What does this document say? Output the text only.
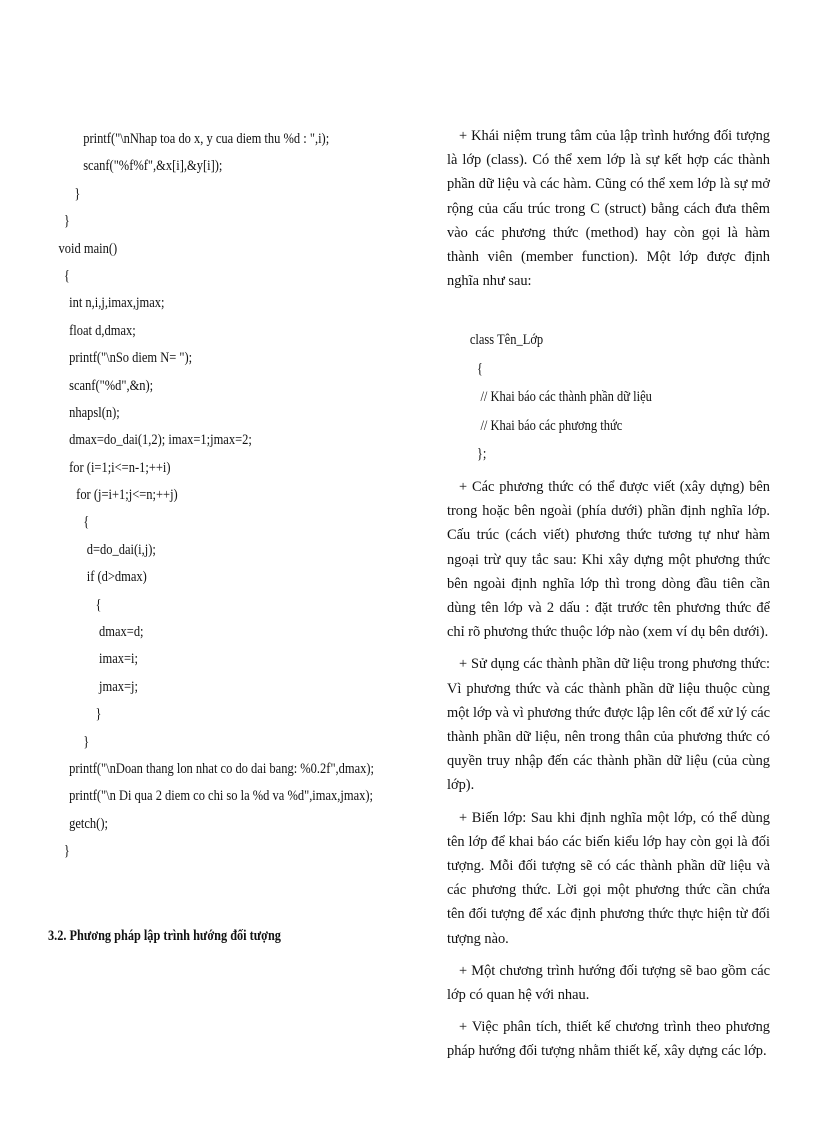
printf("\nNhap toa do x, y cua diem thu %d : ",i);
scanf("%f%f",&x[i],&y[i]);
}
}
void main()
{
int n,i,j,imax,jmax;
float d,dmax;
printf("\nSo diem N= ");
scanf("%d",&n);
nhapsl(n);
dmax=do_dai(1,2); imax=1;jmax=2;
for (i=1;i<=n-1;++i)
for (j=i+1;j<=n;++j)
{
d=do_dai(i,j);
if (d>dmax)
{
dmax=d;
imax=i;
jmax=j;
}
}
printf("\nDoan thang lon nhat co do dai bang: %0.2f",dmax);
printf("\n Di qua 2 diem co chi so la %d va %d",imax,jmax);
getch();
}
3.2. Phương pháp lập trình hướng đối tượng

+ Khái niệm trung tâm của lập trình hướng đối tượng là lớp (class). Có thể xem lớp là sự kết hợp các thành phần dữ liệu và các hàm. Cũng có thể xem lớp là sự mở rộng của cấu trúc trong C (struct) bằng cách đưa thêm vào các phương thức (method) hay còn gọi là hàm thành viên (member function). Một lớp được định nghĩa như sau:

class Tên_Lớp
{
// Khai báo các thành phần dữ liệu
// Khai báo các phương thức
};

+ Các phương thức có thể được viết (xây dựng) bên trong hoặc bên ngoài (phía dưới) phần định nghĩa lớp. Cấu trúc (cách viết) phương thức tương tự như hàm ngoại trừ quy tắc sau: Khi xây dựng một phương thức bên ngoài định nghĩa lớp thì trong dòng đầu tiên cần dùng tên lớp và 2 dấu : đặt trước tên phương thức để chỉ rõ phương thức thuộc lớp nào (xem ví dụ bên dưới).

+ Sử dụng các thành phần dữ liệu trong phương thức: Vì phương thức và các thành phần dữ liệu thuộc cùng một lớp và vì phương thức được lập lên cốt để xử lý các thành phần dữ liệu, nên trong thân của phương thức có quyền truy nhập đến các thành phần dữ liệu (của cùng lớp).

+ Biến lớp: Sau khi định nghĩa một lớp, có thể dùng tên lớp để khai báo các biến kiểu lớp hay còn gọi là đối tượng. Mỗi đối tượng sẽ có các thành phần dữ liệu và các phương thức. Lời gọi một phương thức cần chứa tên đối tượng để xác định phương thức thực hiện từ đối tượng nào.

+ Một chương trình hướng đối tượng sẽ bao gồm các lớp có quan hệ với nhau.

+ Việc phân tích, thiết kế chương trình theo phương pháp hướng đối tượng nhằm thiết kế, xây dựng các lớp.
